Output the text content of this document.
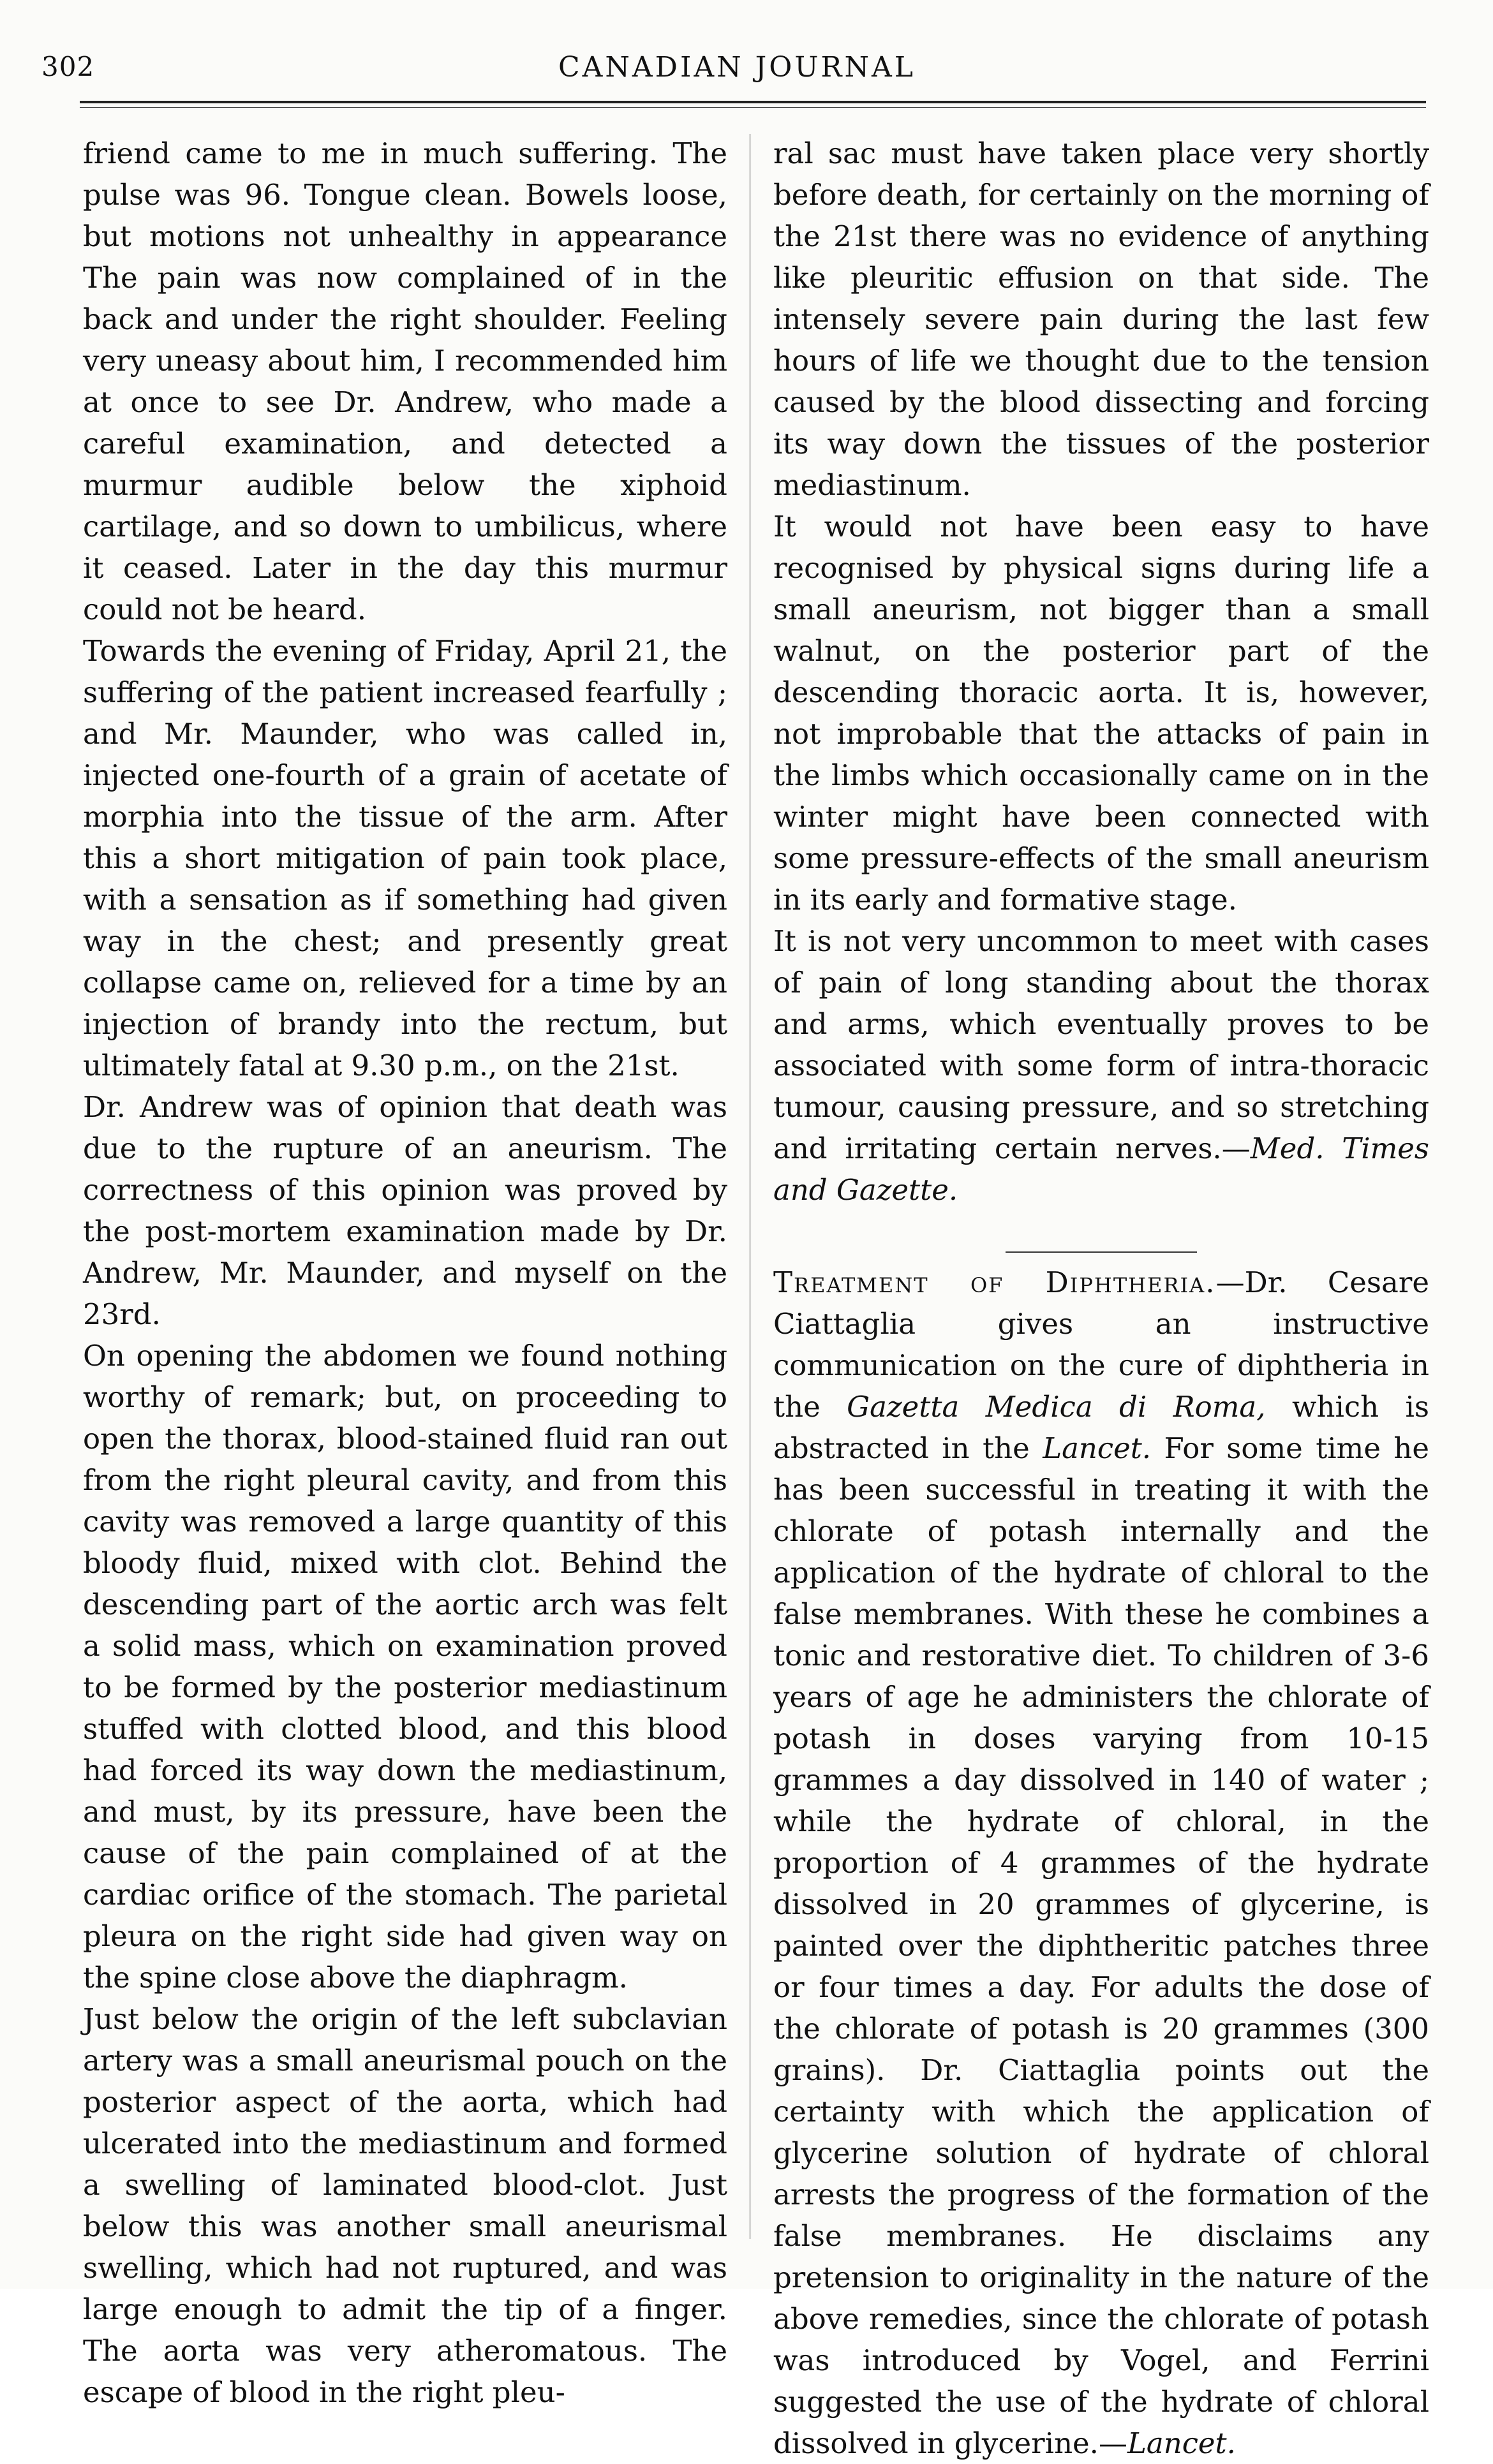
302	CANADIAN JOURNAL

friend came to me in much suffering. The pulse was 96. Tongue clean. Bowels loose, but motions not unhealthy in appearance The pain was now complained of in the back and under the right shoulder. Feeling very uneasy about him, I recommended him at once to see Dr. Andrew, who made a careful examination, and detected a murmur audible below the xiphoid cartilage, and so down to umbilicus, where it ceased. Later in the day this murmur could not be heard.

Towards the evening of Friday, April 21, the suffering of the patient increased fearfully ; and Mr. Maunder, who was called in, injected one-fourth of a grain of acetate of morphia into the tissue of the arm. After this a short mitigation of pain took place, with a sensation as if something had given way in the chest; and presently great collapse came on, relieved for a time by an injection of brandy into the rectum, but ultimately fatal at 9.30 p.m., on the 21st.

Dr. Andrew was of opinion that death was due to the rupture of an aneurism. The correctness of this opinion was proved by the post-mortem examination made by Dr. Andrew, Mr. Maunder, and myself on the 23rd.

On opening the abdomen we found nothing worthy of remark; but, on proceeding to open the thorax, blood-stained fluid ran out from the right pleural cavity, and from this cavity was removed a large quantity of this bloody fluid, mixed with clot. Behind the descending part of the aortic arch was felt a solid mass, which on examination proved to be formed by the posterior mediastinum stuffed with clotted blood, and this blood had forced its way down the mediastinum, and must, by its pressure, have been the cause of the pain complained of at the cardiac orifice of the stomach. The parietal pleura on the right side had given way on the spine close above the diaphragm.

Just below the origin of the left subclavian artery was a small aneurismal pouch on the posterior aspect of the aorta, which had ulcerated into the mediastinum and formed a swelling of laminated blood-clot. Just below this was another small aneurismal swelling, which had not ruptured, and was large enough to admit the tip of a finger. The aorta was very atheromatous. The escape of blood in the right pleu-

ral sac must have taken place very shortly before death, for certainly on the morning of the 21st there was no evidence of anything like pleuritic effusion on that side. The intensely severe pain during the last few hours of life we thought due to the tension caused by the blood dissecting and forcing its way down the tissues of the posterior mediastinum.

It would not have been easy to have recognised by physical signs during life a small aneurism, not bigger than a small walnut, on the posterior part of the descending thoracic aorta. It is, however, not improbable that the attacks of pain in the limbs which occasionally came on in the winter might have been connected with some pressure-effects of the small aneurism in its early and formative stage.

It is not very uncommon to meet with cases of pain of long standing about the thorax and arms, which eventually proves to be associated with some form of intra-thoracic tumour, causing pressure, and so stretching and irritating certain nerves.—Med. Times and Gazette.

Treatment of Diphtheria.—Dr. Cesare Ciattaglia gives an instructive communication on the cure of diphtheria in the Gazetta Medica di Roma, which is abstracted in the Lancet. For some time he has been successful in treating it with the chlorate of potash internally and the application of the hydrate of chloral to the false membranes. With these he combines a tonic and restorative diet. To children of 3-6 years of age he administers the chlorate of potash in doses varying from 10-15 grammes a day dissolved in 140 of water ; while the hydrate of chloral, in the proportion of 4 grammes of the hydrate dissolved in 20 grammes of glycerine, is painted over the diphtheritic patches three or four times a day. For adults the dose of the chlorate of potash is 20 grammes (300 grains). Dr. Ciattaglia points out the certainty with which the application of glycerine solution of hydrate of chloral arrests the progress of the formation of the false membranes. He disclaims any pretension to originality in the nature of the above remedies, since the chlorate of potash was introduced by Vogel, and Ferrini suggested the use of the hydrate of chloral dissolved in glycerine.—Lancet.
